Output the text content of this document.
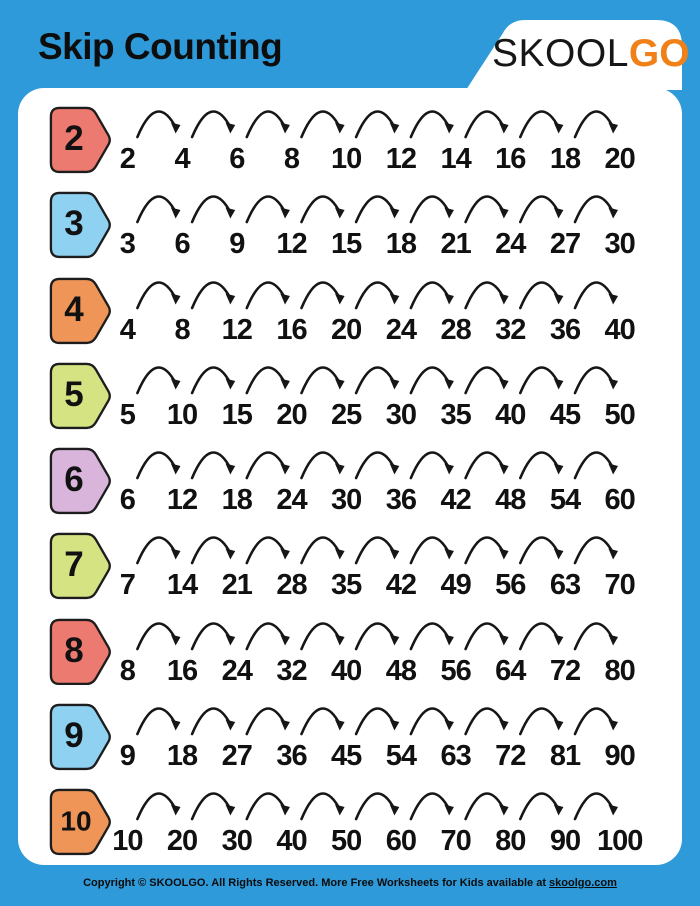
Skip Counting	SKOOLGO
2
2	4	6	8	10 12 14 16 18 20
3
3	6	9	12 15 18 21 24 27 30
4
4	8	12 16 20 24 28 32 36 40
5
5	10 15 20 25 30 35 40 45 50
6
6	12 18 24 30 36 42 48 54 60
7
7	14 21 28 35 42 49 56 63 70
8
8	16 24 32 40 48 56 64 72 80
9
9	18 27 36 45 54 63 72 81 90
10
10 20 30 40 50 60 70 80 90 100
Copyright © SKOOLGO. All Rights Reserved. More Free Worksheets for Kids available at skoolgo.com
